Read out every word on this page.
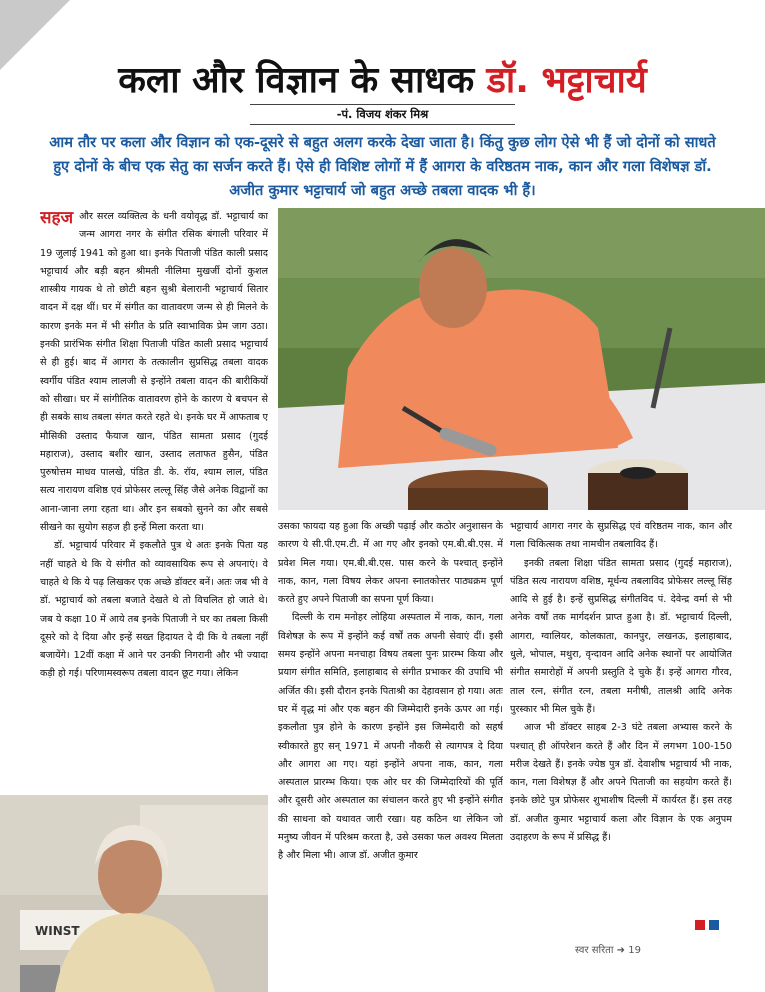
कला और विज्ञान के साधक डॉ. भट्टाचार्य
-पं. विजय शंकर मिश्र
आम तौर पर कला और विज्ञान को एक-दूसरे से बहुत अलग करके देखा जाता है। किंतु कुछ लोग ऐसे भी हैं जो दोनों को साधते हुए दोनों के बीच एक सेतु का सर्जन करते हैं। ऐसे ही विशिष्ट लोगों में हैं आगरा के वरिष्ठतम नाक, कान और गला विशेषज्ञ डॉ. अजीत कुमार भट्टाचार्य जो बहुत अच्छे तबला वादक भी हैं।

सहज और सरल व्यक्तित्व के धनी वयोवृद्ध डॉ. भट्टाचार्य का जन्म आगरा नगर के संगीत रसिक बंगाली परिवार में 19 जुलाई 1941 को हुआ था। इनके पिताजी पंडित काली प्रसाद भट्टाचार्य और बड़ी बहन श्रीमती नीलिमा मुखर्जी दोनों कुशल शास्त्रीय गायक थे तो छोटी बहन सुश्री बेलारानी भट्टाचार्य सितार वादन में दक्ष थीं। घर में संगीत का वातावरण जन्म से ही मिलने के कारण इनके मन में भी संगीत के प्रति स्वाभाविक प्रेम जाग उठा। इनकी प्रारंभिक संगीत शिक्षा पिताजी पंडित काली प्रसाद भट्टाचार्य से ही हुई। बाद में आगरा के तत्कालीन सुप्रसिद्ध तबला वादक स्वर्गीय पंडित श्याम लालजी से इन्होंने तबला वादन की बारीकियों को सीखा। घर में सांगीतिक वातावरण होने के कारण ये बचपन से ही सबके साथ तबला संगत करते रहते थे। इनके घर में आफताब ए मौसिकी उस्ताद फैयाज खान, पंडित सामता प्रसाद (गुदई महाराज), उस्ताद बशीर खान, उस्ताद लताफत हुसैन, पंडित पुरुषोत्तम माधव पालखे, पंडित डी. के. रॉय, श्याम लाल, पंडित सत्य नारायण वशिष्ठ एवं प्रोफेसर लल्लू सिंह जैसे अनेक विद्वानों का आना-जाना लगा रहता था। और इन सबको सुनने का और सबसे सीखने का सुयोग सहज ही इन्हें मिला करता था।

डॉ. भट्टाचार्य परिवार में इकलौते पुत्र थे अतः इनके पिता यह नहीं चाहते थे कि ये संगीत को व्यावसायिक रूप से अपनाएं। वे चाहते थे कि ये पढ़ लिखकर एक अच्छे डॉक्टर बनें। अतः जब भी वे डॉ. भट्टाचार्य को तबला बजाते देखते थे तो विचलित हो जाते थे। जब ये कक्षा 10 में आये तब इनके पिताजी ने घर का तबला किसी दूसरे को दे दिया और इन्हें सख्त हिदायत दे दी कि ये तबला नहीं बजायेंगे। 12वीं कक्षा में आने पर उनकी निगरानी और भी ज्यादा कड़ी हो गई। परिणामस्वरूप तबला वादन छूट गया। लेकिन

WINST

उसका फायदा यह हुआ कि अच्छी पढ़ाई और कठोर अनुशासन के कारण ये सी.पी.एम.टी. में आ गए और इनको एम.बी.बी.एस. में प्रवेश मिल गया। एम.बी.बी.एस. पास करने के पश्चात् इन्होंने नाक, कान, गला विषय लेकर अपना स्नातकोत्तर पाठ्यक्रम पूर्ण करते हुए अपने पिताजी का सपना पूर्ण किया।

दिल्ली के राम मनोहर लोहिया अस्पताल में नाक, कान, गला विशेषज्ञ के रूप में इन्होंने कई वर्षों तक अपनी सेवाएं दीं। इसी समय इन्होंने अपना मनचाहा विषय तबला पुनः प्रारम्भ किया और प्रयाग संगीत समिति, इलाहाबाद से संगीत प्रभाकर की उपाधि भी अर्जित की। इसी दौरान इनके पिताश्री का देहावसान हो गया। अतः घर में वृद्ध मां और एक बहन की जिम्मेदारी इनके ऊपर आ गई। इकलौता पुत्र होने के कारण इन्होंने इस जिम्मेदारी को सहर्ष स्वीकारते हुए सन् 1971 में अपनी नौकरी से त्यागपत्र दे दिया और आगरा आ गए। यहां इन्होंने अपना नाक, कान, गला अस्पताल प्रारम्भ किया। एक ओर घर की जिम्मेदारियों की पूर्ति और दूसरी ओर अस्पताल का संचालन करते हुए भी इन्होंने संगीत की साधना को यथावत जारी रखा। यह कठिन था लेकिन जो मनुष्य जीवन में परिश्रम करता है, उसे उसका फल अवश्य मिलता है और मिला भी। आज डॉ. अजीत कुमार

भट्टाचार्य आगरा नगर के सुप्रसिद्ध एवं वरिष्ठतम नाक, कान और गला चिकित्सक तथा नामचीन तबलाविद हैं।

इनकी तबला शिक्षा पंडित सामता प्रसाद (गुदई महाराज), पंडित सत्य नारायण वशिष्ठ, मूर्धन्य तबलाविद प्रोफेसर लल्लू सिंह आदि से हुई है। इन्हें सुप्रसिद्ध संगीतविद पं. देवेन्द्र वर्मा से भी अनेक वर्षों तक मार्गदर्शन प्राप्त हुआ है। डॉ. भट्टाचार्य दिल्ली, आगरा, ग्वालियर, कोलकाता, कानपुर, लखनऊ, इलाहाबाद, धुले, भोपाल, मथुरा, वृन्दावन आदि अनेक स्थानों पर आयोजित संगीत समारोहों में अपनी प्रस्तुति दे चुके हैं। इन्हें आगरा गौरव, ताल रत्न, संगीत रत्न, तबला मनीषी, तालश्री आदि अनेक पुरस्कार भी मिल चुके हैं।

आज भी डॉक्टर साहब 2-3 घंटे तबला अभ्यास करने के पश्चात् ही ऑपरेशन करते हैं और दिन में लगभग 100-150 मरीज देखते हैं। इनके ज्येष्ठ पुत्र डॉ. देवाशीष भट्टाचार्य भी नाक, कान, गला विशेषज्ञ हैं और अपने पिताजी का सहयोग करते हैं। इनके छोटे पुत्र प्रोफेसर शुभाशीष दिल्ली में कार्यरत हैं। इस तरह डॉ. अजीत कुमार भट्टाचार्य कला और विज्ञान के एक अनुपम उदाहरण के रूप में प्रसिद्ध हैं।

स्वर सरिता ➜ 19
